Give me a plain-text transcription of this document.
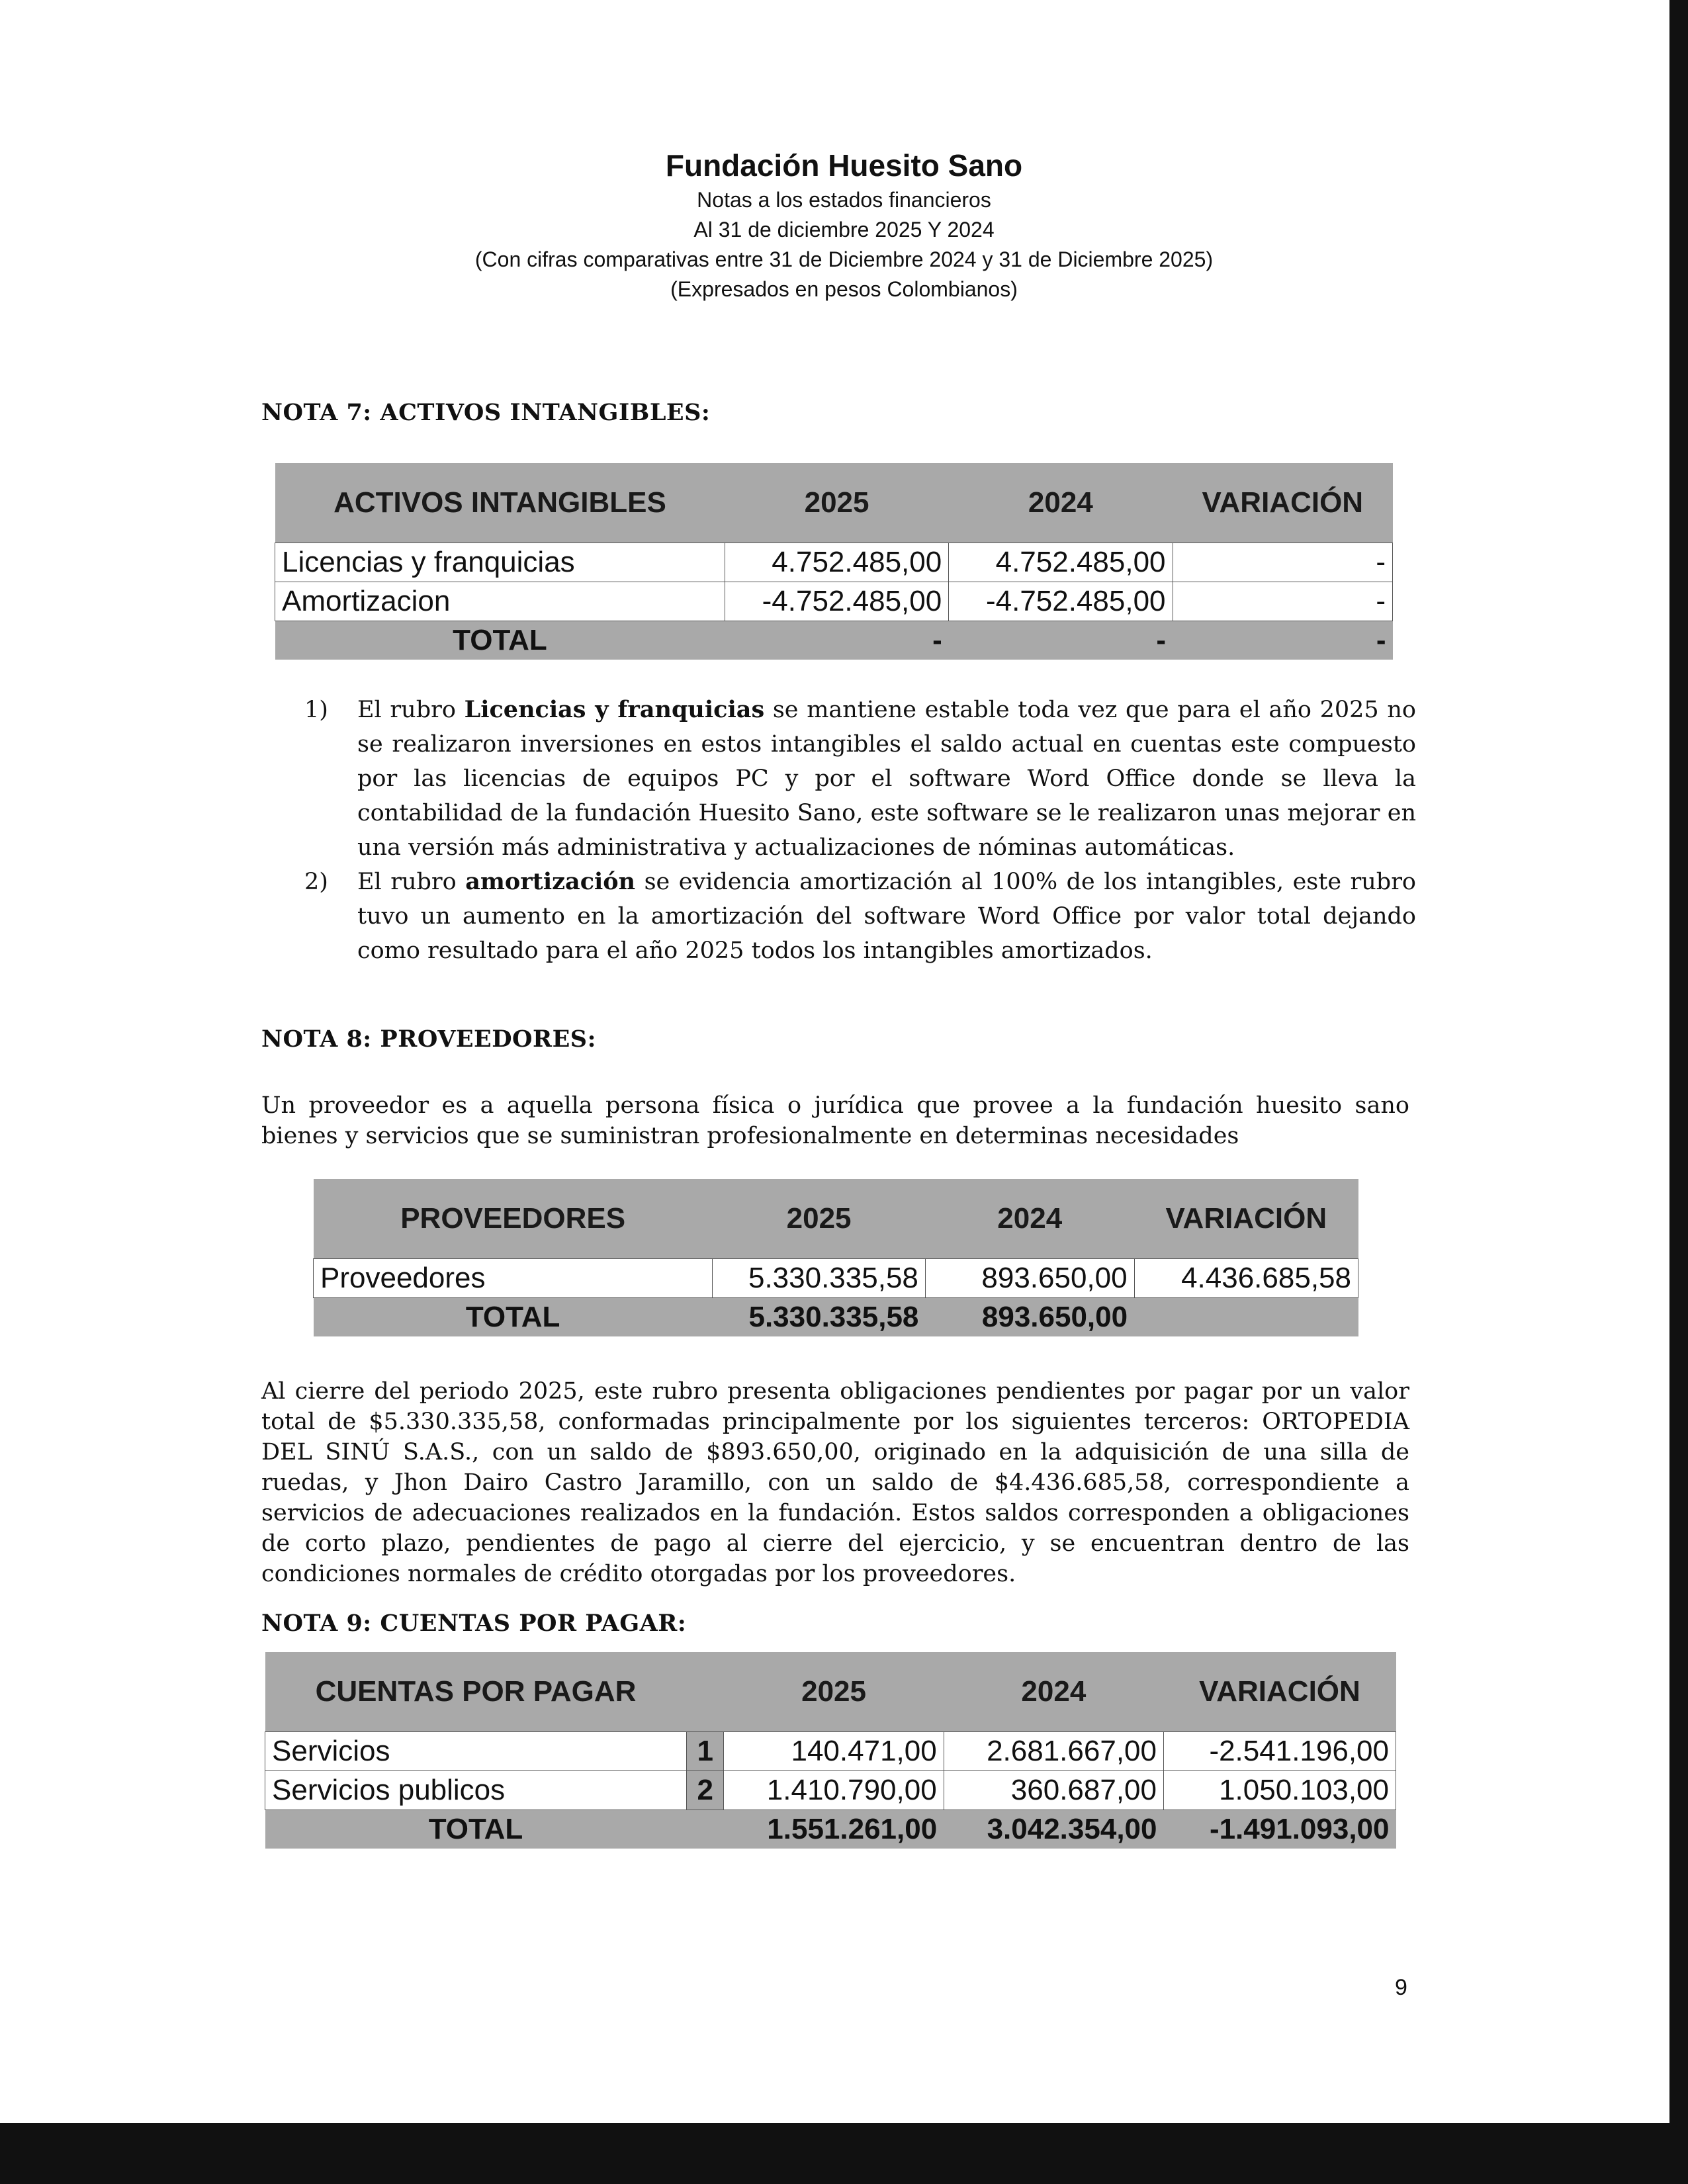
Fundación Huesito Sano
Notas a los estados financieros
Al 31 de diciembre 2025 Y 2024
(Con cifras comparativas entre 31 de Diciembre 2024 y 31 de Diciembre 2025)
(Expresados en pesos Colombianos)
NOTA 7: ACTIVOS INTANGIBLES:
ACTIVOS INTANGIBLES	2025	2024	VARIACIÓN
Licencias y franquicias	4.752.485,00	4.752.485,00	-
Amortizacion	-4.752.485,00	-4.752.485,00	-
TOTAL	-	-	-
1) El rubro Licencias y franquicias se mantiene estable toda vez que para el año 2025 no se realizaron inversiones en estos intangibles el saldo actual en cuentas este compuesto por las licencias de equipos PC y por el software Word Office donde se lleva la contabilidad de la fundación Huesito Sano, este software se le realizaron unas mejorar en una versión más administrativa y actualizaciones de nóminas automáticas.
2) El rubro amortización se evidencia amortización al 100% de los intangibles, este rubro tuvo un aumento en la amortización del software Word Office por valor total dejando como resultado para el año 2025 todos los intangibles amortizados.
NOTA 8: PROVEEDORES:
Un proveedor es a aquella persona física o jurídica que provee a la fundación huesito sano bienes y servicios que se suministran profesionalmente en determinas necesidades
PROVEEDORES	2025	2024	VARIACIÓN
Proveedores	5.330.335,58	893.650,00	4.436.685,58
TOTAL	5.330.335,58	893.650,00	
Al cierre del periodo 2025, este rubro presenta obligaciones pendientes por pagar por un valor total de $5.330.335,58, conformadas principalmente por los siguientes terceros: ORTOPEDIA DEL SINÚ S.A.S., con un saldo de $893.650,00, originado en la adquisición de una silla de ruedas, y Jhon Dairo Castro Jaramillo, con un saldo de $4.436.685,58, correspondiente a servicios de adecuaciones realizados en la fundación. Estos saldos corresponden a obligaciones de corto plazo, pendientes de pago al cierre del ejercicio, y se encuentran dentro de las condiciones normales de crédito otorgadas por los proveedores.
NOTA 9: CUENTAS POR PAGAR:
CUENTAS POR PAGAR		2025	2024	VARIACIÓN
Servicios	1	140.471,00	2.681.667,00	-2.541.196,00
Servicios publicos	2	1.410.790,00	360.687,00	1.050.103,00
TOTAL		1.551.261,00	3.042.354,00	-1.491.093,00
9
